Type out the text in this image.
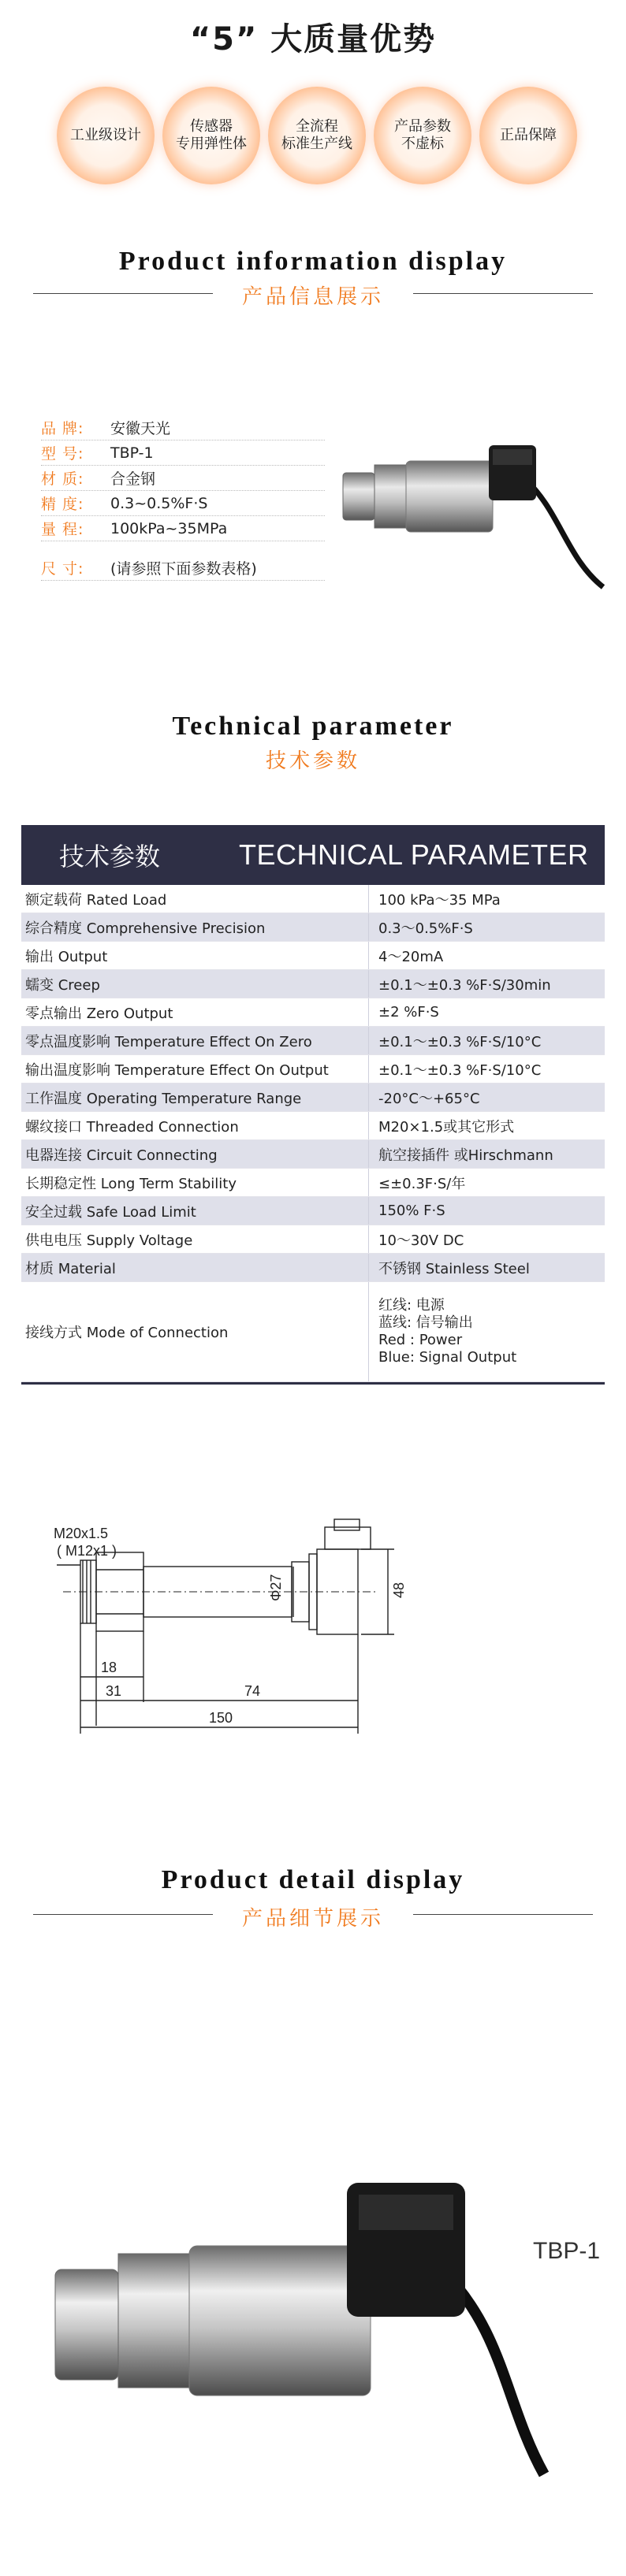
“5” 大质量优势
工业级设计
传感器
专用弹性体
全流程
标准生产线
产品参数
不虚标
正品保障
Product information display
产品信息展示
品 牌:	安徽天光
型 号:	TBP-1
材 质:	合金钢
精 度:	0.3~0.5%F·S
量 程:	100kPa~35MPa
尺 寸:	(请参照下面参数表格)
Technical parameter
技术参数
技术参数	TECHNICAL PARAMETER
额定载荷 Rated Load	100 kPa～35 MPa
综合精度 Comprehensive Precision	0.3～0.5%F·S
输出 Output	4～20mA
蠕变 Creep	±0.1～±0.3 %F·S/30min
零点输出 Zero Output	±2 %F·S
零点温度影响 Temperature Effect On Zero	±0.1～±0.3 %F·S/10°C
输出温度影响 Temperature Effect On Output	±0.1～±0.3 %F·S/10°C
工作温度 Operating Temperature Range	-20°C～+65°C
螺纹接口 Threaded Connection	M20×1.5或其它形式
电器连接 Circuit Connecting	航空接插件 或Hirschmann
长期稳定性 Long Term Stability	≤±0.3F·S/年
安全过载 Safe Load Limit	150% F·S
供电电压 Supply Voltage	10～30V DC
材质 Material	不锈钢 Stainless Steel
接线方式 Mode of Connection
红线: 电源
蓝线: 信号输出
Red : Power
Blue: Signal Output
M20x1.5
( M12x1 )
Φ27	48
18
31	74
150
Product detail display
产品细节展示
TBP-1
